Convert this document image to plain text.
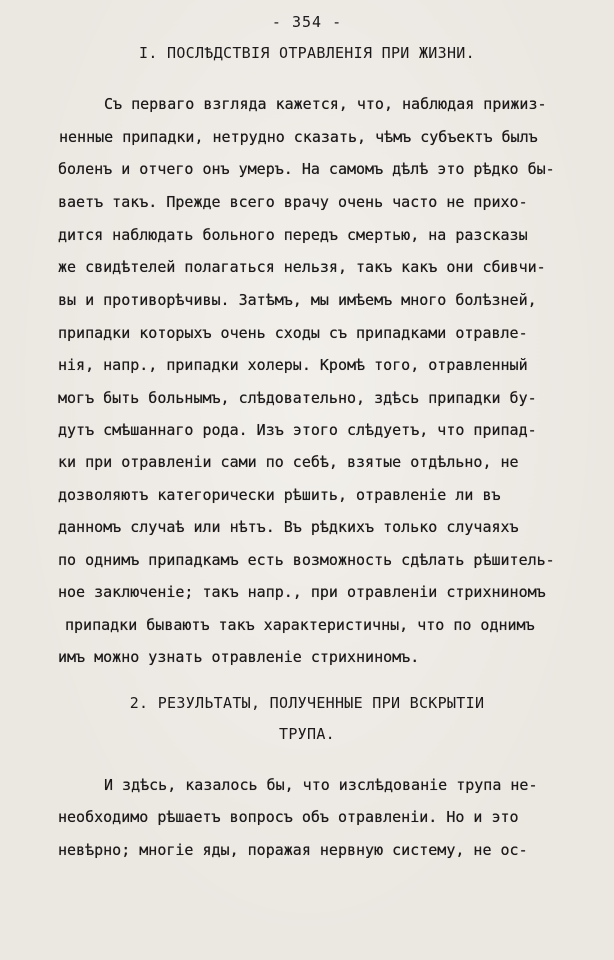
- 354 -
I. ПОСЛѢДСТВІЯ ОТРАВЛЕНІЯ ПРИ ЖИЗНИ.
Съ перваго взгляда кажется, что, наблюдая прижиз-
ненные припадки, нетрудно сказать, чѣмъ субъектъ былъ
боленъ и отчего онъ умеръ. На самомъ дѣлѣ это рѣдко бы-
ваетъ такъ. Прежде всего врачу очень часто не прихо-
дится наблюдать больного передъ смертью, на разсказы
же свидѣтелей полагаться нельзя, такъ какъ они сбивчи-
вы и противорѣчивы. Затѣмъ, мы имѣемъ много болѣзней,
припадки которыхъ очень сходы съ припадками отравле-
нія, напр., припадки холеры. Кромѣ того, отравленный
могъ быть больнымъ, слѣдовательно, здѣсь припадки бу-
дутъ смѣшаннаго рода. Изъ этого слѣдуетъ, что припад-
ки при отравленіи сами по себѣ, взятые отдѣльно, не
дозволяютъ категорически рѣшить, отравленіе ли въ
данномъ случаѣ или нѣтъ. Въ рѣдкихъ только случаяхъ
по однимъ припадкамъ есть возможность сдѣлать рѣшитель-
ное заключеніе; такъ напр., при отравленіи стрихниномъ
припадки бываютъ такъ характеристичны, что по однимъ
имъ можно узнать отравленіе стрихниномъ.
2. РЕЗУЛЬТАТЫ, ПОЛУЧЕННЫЕ ПРИ ВСКРЫТІИ
ТРУПА.
И здѣсь, казалось бы, что изслѣдованіе трупа не-
необходимо рѣшаетъ вопросъ объ отравленіи. Но и это
невѣрно; многіе яды, поражая нервную систему, не ос-
